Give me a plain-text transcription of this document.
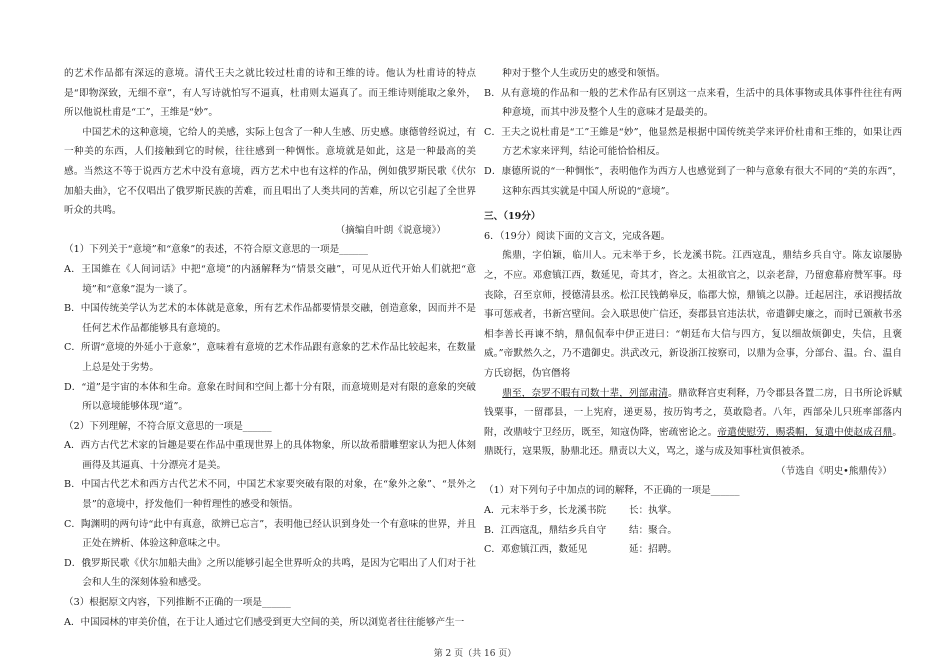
的艺术作品都有深远的意境。清代王夫之就比较过杜甫的诗和王维的诗。他认为杜甫诗的特点是“即物深致，无细不章”，有人写诗就怕写不逼真，杜甫则太逼真了。而王维诗则能取之象外，所以他说杜甫是“工”，王维是“妙”。

中国艺术的这种意境，它给人的美感，实际上包含了一种人生感、历史感。康德曾经说过，有一种美的东西，人们接触到它的时候，往往感到一种惆怅。意境就是如此，这是一种最高的美感。当然这不等于说西方艺术中没有意境，西方艺术中也有这样的作品，例如俄罗斯民歌《伏尔加船夫曲》，它不仅唱出了俄罗斯民族的苦难，而且唱出了人类共同的苦难，所以它引起了全世界听众的共鸣。

（摘编自叶朗《说意境》）

（1）下列关于“意境”和“意象”的表述，不符合原文意思的一项是______

A．王国維在《人间词话》中把“意境”的内涵解释为“情景交融”，可见从近代开始人们就把“意境”和“意象”混为一谈了。

B．中国传统美学认为艺术的本体就是意象，所有艺术作品都要情景交融，创造意象，因而并不是任何艺术作品都能够具有意境的。

C．所谓“意境的外延小于意象”，意味着有意境的艺术作品跟有意象的艺术作品比较起来，在数量上总是处于劣势。

D．“道”是宇宙的本体和生命。意象在时间和空间上都十分有限，而意境则是对有限的意象的突破所以意境能够体现“道”。

（2）下列理解，不符合原文意思的一项是______

A．西方古代艺术家的旨趣是要在作品中重现世界上的具体物象，所以故希腊雕塑家认为把人体刻画得及其逼真、十分漂亮才是美。

B．中国古代艺术和西方古代艺术不同，中国艺术家要突破有限的对象，在“象外之象”、“景外之景”的意境中，抒发他们一种哲理性的感受和领悟。

C．陶渊明的两句诗“此中有真意，欲辨已忘言”，表明他已经认识到身处一个有意味的世界，并且正处在辨析、体验这种意味之中。

D．俄罗斯民歌《伏尔加船夫曲》之所以能够引起全世界听众的共鸣，是因为它唱出了人们对于社会和人生的深刻体验和感受。

（3）根据原文内容，下列推断不正确的一项是______

A．中国园林的审美价值，在于让人通过它们感受到更大空间的美，所以浏览者往往能够产生一

种对于整个人生或历史的感受和领悟。

B．从有意境的作品和一般的艺术作品有区别这一点来看，生活中的具体事物或具体事件往往有两种意境，而其中涉及整个人生的意味才是最美的。

C．王夫之说杜甫是“工”王維是“妙”，他显然是根据中国传统美学来评价杜甫和王维的，如果让西方艺术家来评判，结论可能恰恰相反。

D．康德所说的“一种惆怅”，表明他作为西方人也感觉到了一种与意象有很大不同的“美的东西”，这种东西其实就是中国人所说的“意境”。

三、（19分）

6．（19分）阅读下面的文言文，完成各题。

熊鼎，字伯颖，临川人。元末举于乡，长龙溪书院。江西寇乱，鼎结乡兵自守。陈友谅屡胁之，不应。邓愈镇江西，数延见，奇其才，咨之。太祖欲官之，以亲老辞，乃留愈幕府赞军事。母丧除，召至京师，授德清县丞。松江民钱鹤皋反，临郡大惊，鼎镇之以静。迁起居注，承诏搜括故事可惩戒者，书新宫壁间。会入联思使广信还，奏郡县官违法状，帝遣御史廉之，而时已颁赦书丞相李善长再谏不纳，鼎侃侃奉中伊正进曰：“朝廷布大信与四方，复以细故烦御史，失信，且褒威。”帝默然久之，乃不遣御史。洪武改元，新设浙江按察司，以鼎为佥事，分部台、温。台、温自方氏窃据，伪官僭将

鼎至，奈罗不暇有司数十辈，列部肃清。鼎欲释宫吏利释，乃令郡县各置二房，日书所论诉赋钱粟事，一留郡县，一上宪府，递更易，按历钩考之，莫敢隐者。八年，西部朵儿只班率部落内附，改鼎岐宁卫经历，既至，知寇伪降，密疏密论之。帝遣使慰劳，赐裘帽，复遣中使赵成召鼎。鼎既行，寇果叛，胁鼎北还。鼎责以大义，骂之，遂与成及知事杜寅俱被杀。

（节选自《明史•熊鼎传》）

（1）对下列句子中加点的词的解释，不正确的一项是______

A．元末举于乡，长龙溪书院	长：执掌。
B．江西寇乱，鼎结乡兵自守	结：聚合。
C．邓愈镇江西，数延见	延：招聘。
第 2 页（共 16 页）
